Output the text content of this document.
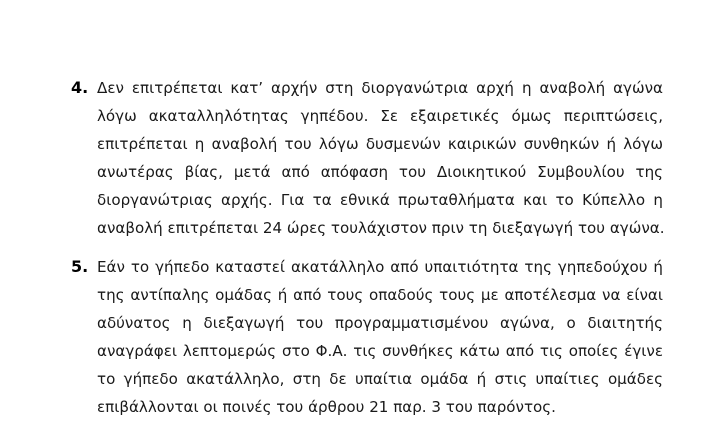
4. Δεν επιτρέπεται κατ’ αρχήν στη διοργανώτρια αρχή η αναβολή αγώνα
λόγω ακαταλληλότητας γηπέδου. Σε εξαιρετικές όμως περιπτώσεις,
επιτρέπεται η αναβολή του λόγω δυσμενών καιρικών συνθηκών ή λόγω
ανωτέρας βίας, μετά από απόφαση του Διοικητικού Συμβουλίου της
διοργανώτριας αρχής. Για τα εθνικά πρωταθλήματα και το Κύπελλο η
αναβολή επιτρέπεται 24 ώρες τουλάχιστον πριν τη διεξαγωγή του αγώνα.
5. Εάν το γήπεδο καταστεί ακατάλληλο από υπαιτιότητα της γηπεδούχου ή
της αντίπαλης ομάδας ή από τους οπαδούς τους με αποτέλεσμα να είναι
αδύνατος η διεξαγωγή του προγραμματισμένου αγώνα, ο διαιτητής
αναγράφει λεπτομερώς στο Φ.Α. τις συνθήκες κάτω από τις οποίες έγινε
το γήπεδο ακατάλληλο, στη δε υπαίτια ομάδα ή στις υπαίτιες ομάδες
επιβάλλονται οι ποινές του άρθρου 21 παρ. 3 του παρόντος.
